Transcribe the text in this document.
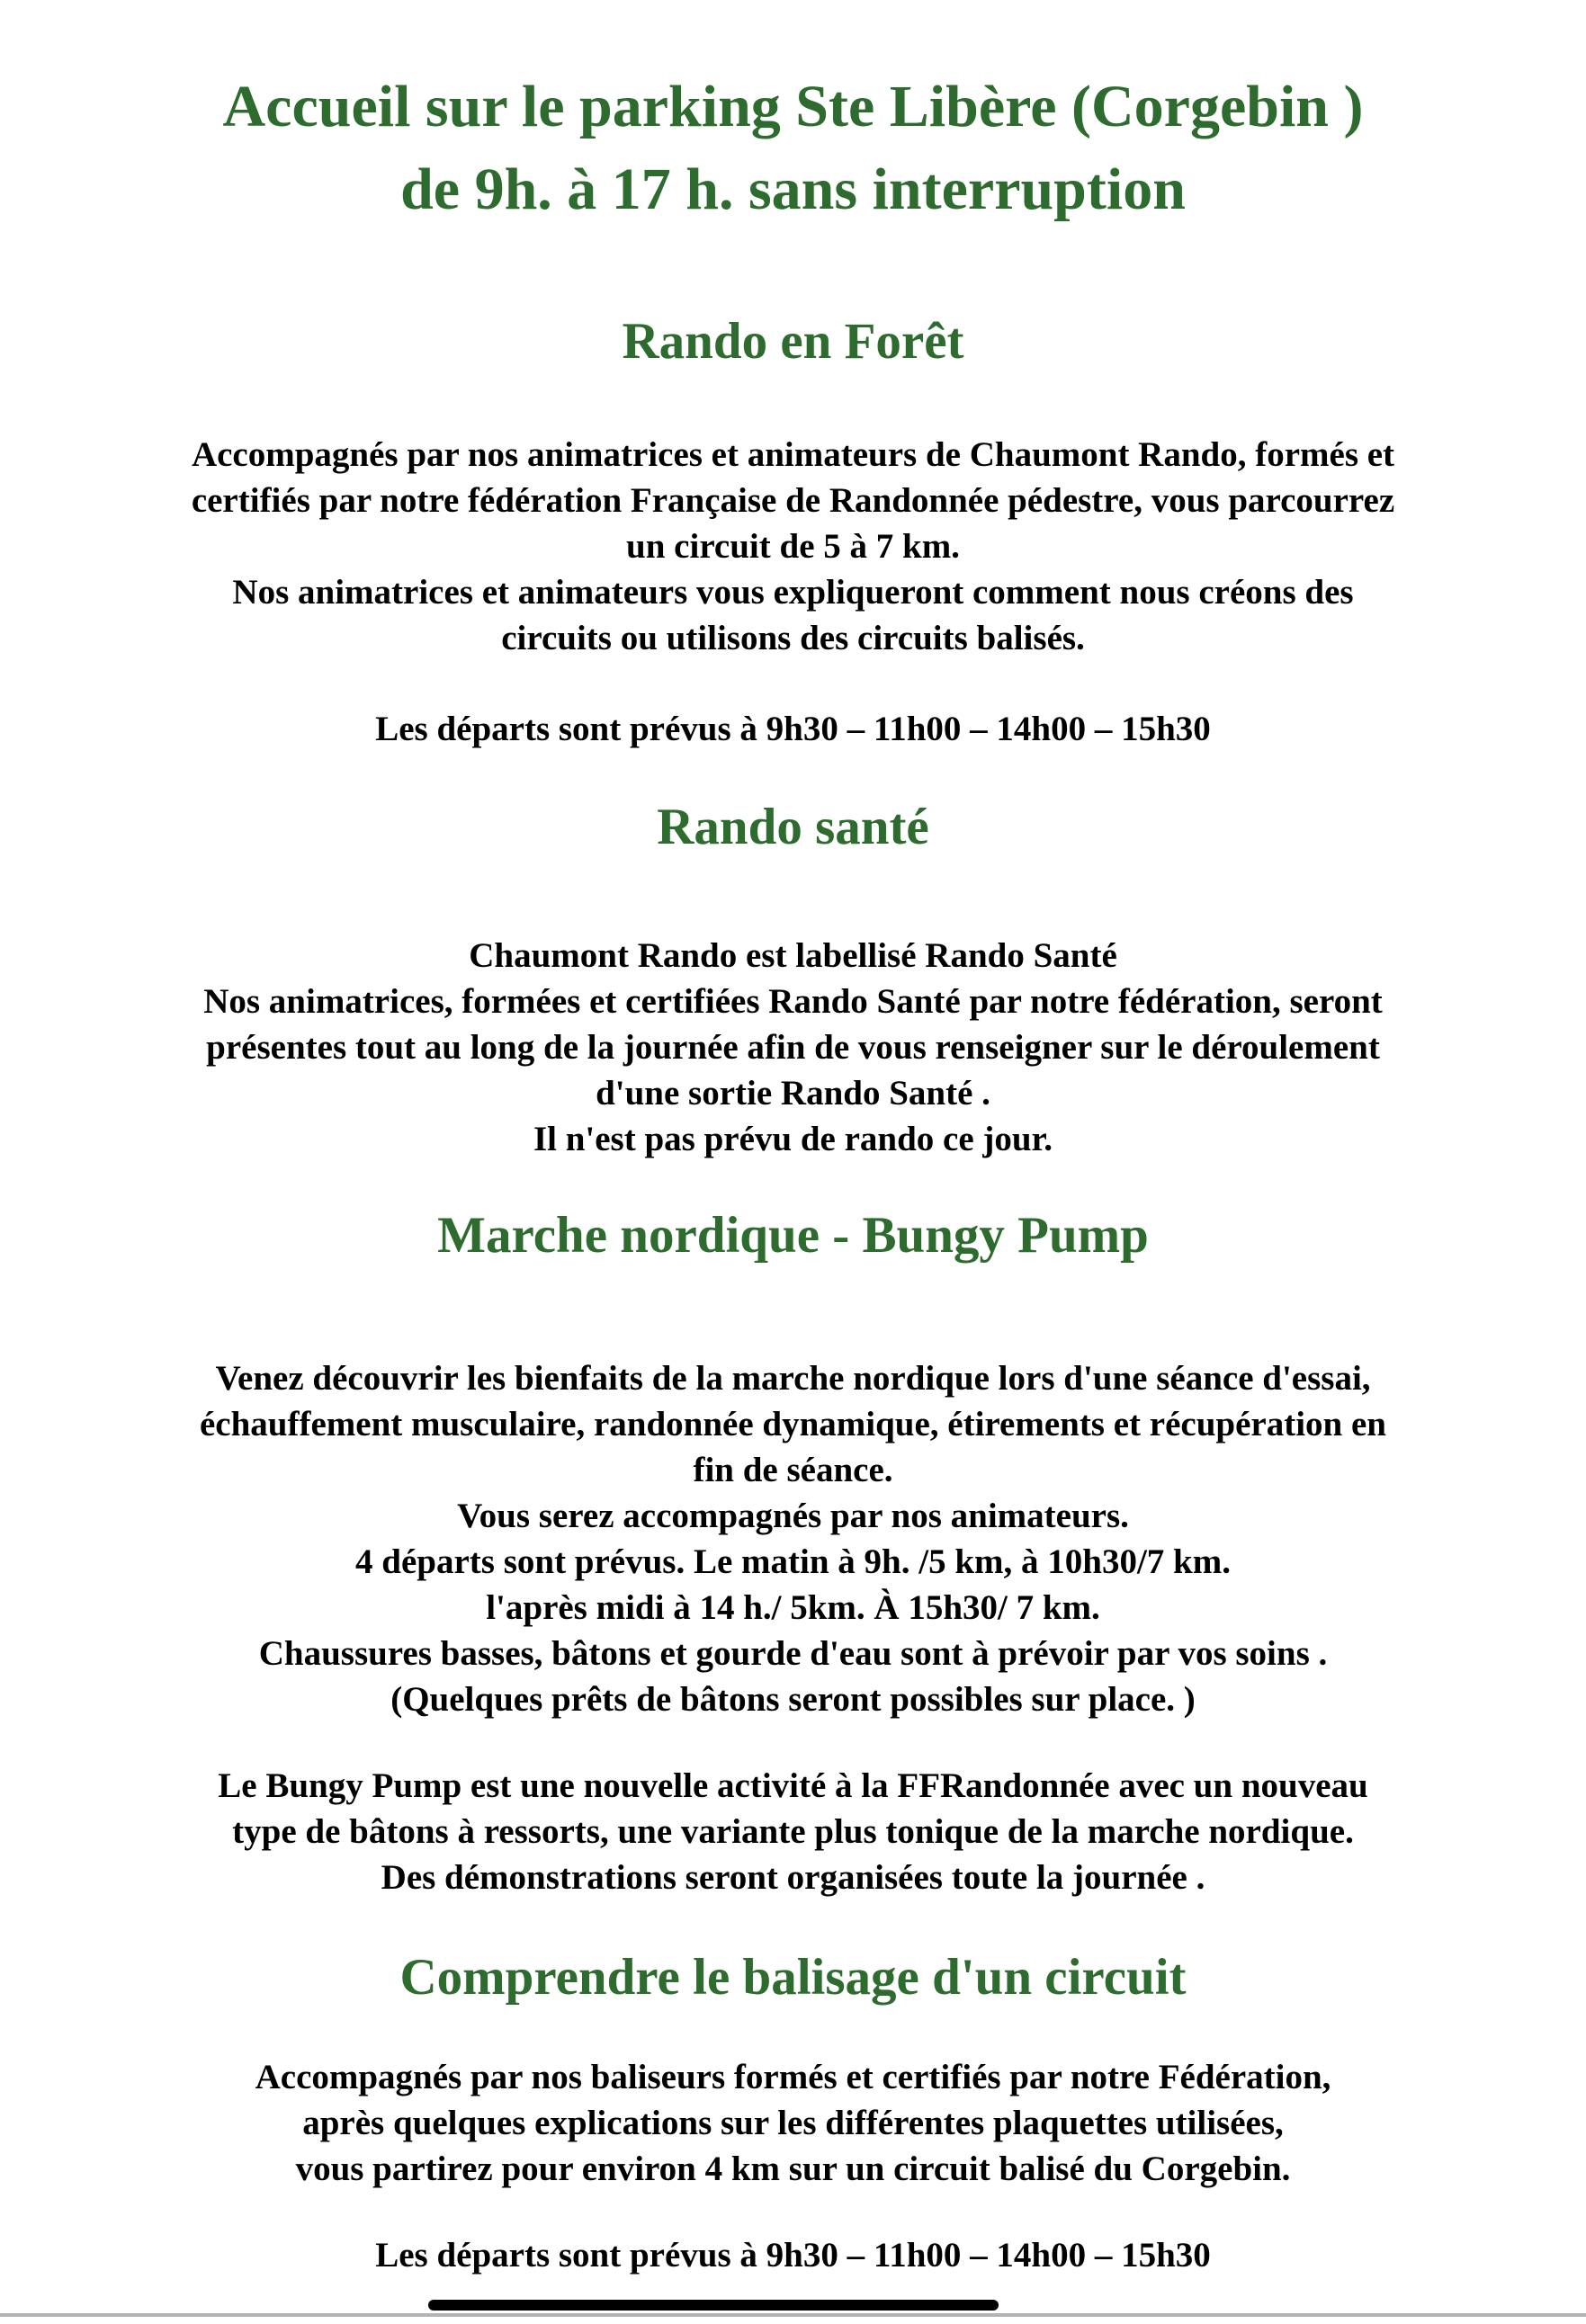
Accueil sur le parking Ste Libère (Corgebin )
de 9h. à 17 h. sans interruption
Rando en Forêt
Accompagnés par nos animatrices et animateurs de Chaumont Rando, formés et
certifiés par notre fédération Française de Randonnée pédestre, vous parcourrez
un circuit de 5 à 7 km.
Nos animatrices et animateurs vous expliqueront comment nous créons des
circuits ou utilisons des circuits balisés.
Les départs sont prévus à 9h30 – 11h00 – 14h00 – 15h30
Rando santé
Chaumont Rando est labellisé Rando Santé
Nos animatrices, formées et certifiées Rando Santé par notre fédération, seront
présentes tout au long de la journée afin de vous renseigner sur le déroulement
d'une sortie Rando Santé .
Il n'est pas prévu de rando ce jour.
Marche nordique - Bungy Pump
Venez découvrir les bienfaits de la marche nordique lors d'une séance d'essai,
échauffement musculaire, randonnée dynamique, étirements et récupération en
fin de séance.
Vous serez accompagnés par nos animateurs.
4 départs sont prévus. Le matin à 9h. /5 km, à 10h30/7 km.
l'après midi à 14 h./ 5km. À 15h30/ 7 km.
Chaussures basses, bâtons et gourde d'eau sont à prévoir par vos soins .
(Quelques prêts de bâtons seront possibles sur place. )
Le Bungy Pump est une nouvelle activité à la FFRandonnée avec un nouveau
type de bâtons à ressorts, une variante plus tonique de la marche nordique.
Des démonstrations seront organisées toute la journée .
Comprendre le balisage d'un circuit
Accompagnés par nos baliseurs formés et certifiés par notre Fédération,
après quelques explications sur les différentes plaquettes utilisées,
vous partirez pour environ 4 km sur un circuit balisé du Corgebin.
Les départs sont prévus à 9h30 – 11h00 – 14h00 – 15h30
